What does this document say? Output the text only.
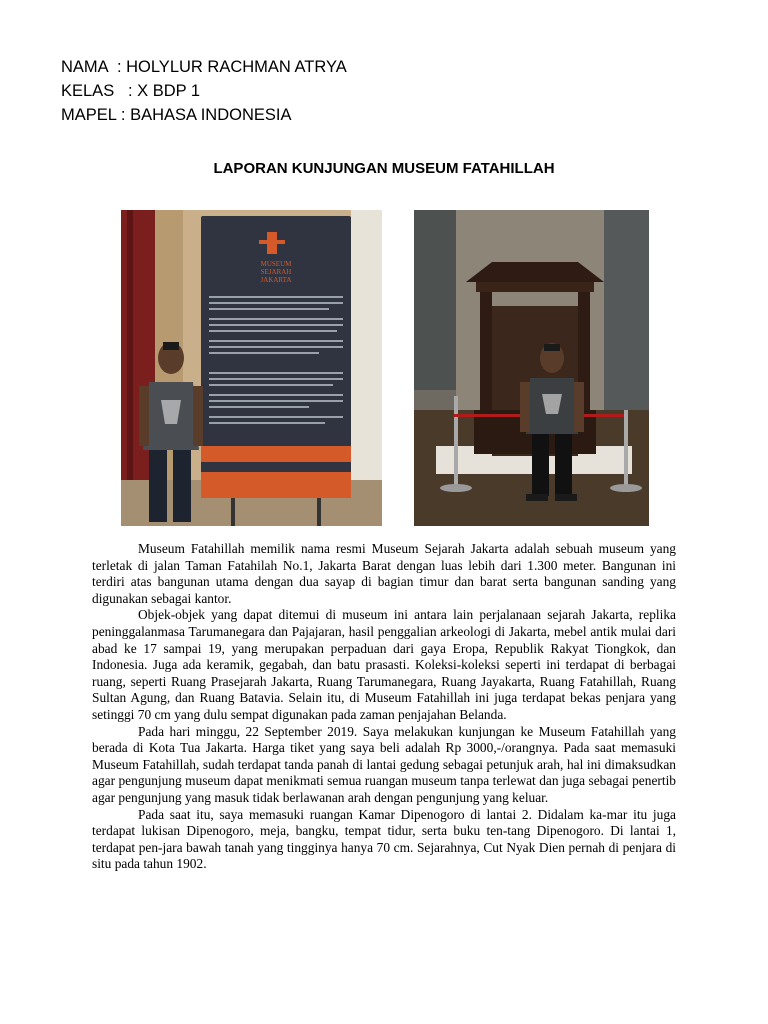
NAMA : HOLYLUR RACHMAN ATRYA
KELAS : X BDP 1
MAPEL : BAHASA INDONESIA
LAPORAN KUNJUNGAN MUSEUM FATAHILLAH
MUSEUM
SEJARAH
JAKARTA

Museum Fatahillah memilik nama resmi Museum Sejarah Jakarta adalah sebuah museum yang terletak di jalan Taman Fatahilah No.1, Jakarta Barat dengan luas lebih dari 1.300 meter. Bangunan ini terdiri atas bangunan utama dengan dua sayap di bagian timur dan barat serta bangunan sanding yang digunakan sebagai kantor.

Objek-objek yang dapat ditemui di museum ini antara lain perjalanaan sejarah Jakarta, replika peninggalanmasa Tarumanegara dan Pajajaran, hasil penggalian arkeologi di Jakarta, mebel antik mulai dari abad ke 17 sampai 19, yang merupakan perpaduan dari gaya Eropa, Republik Rakyat Tiongkok, dan Indonesia. Juga ada keramik, gegabah, dan batu prasasti. Koleksi-koleksi seperti ini terdapat di berbagai ruang, seperti Ruang Prasejarah Jakarta, Ruang Tarumanegara, Ruang Jayakarta, Ruang Fatahillah, Ruang Sultan Agung, dan Ruang Batavia. Selain itu, di Museum Fatahillah ini juga terdapat bekas penjara yang setinggi 70 cm yang dulu sempat digunakan pada zaman penjajahan Belanda.

Pada hari minggu, 22 September 2019. Saya melakukan kunjungan ke Museum Fatahillah yang berada di Kota Tua Jakarta. Harga tiket yang saya beli adalah Rp 3000,-/orangnya. Pada saat memasuki Museum Fatahillah, sudah terdapat tanda panah di lantai gedung sebagai petunjuk arah, hal ini dimaksudkan agar pengunjung museum dapat menikmati semua ruangan museum tanpa terlewat dan juga sebagai penertib agar pengunjung yang masuk tidak berlawanan arah dengan pengunjung yang keluar.

Pada saat itu, saya memasuki ruangan Kamar Dipenogoro di lantai 2. Didalam ka-mar itu juga terdapat lukisan Dipenogoro, meja, bangku, tempat tidur, serta buku ten-tang Dipenogoro. Di lantai 1, terdapat pen-jara bawah tanah yang tingginya hanya 70 cm. Sejarahnya, Cut Nyak Dien pernah di penjara di situ pada tahun 1902.
